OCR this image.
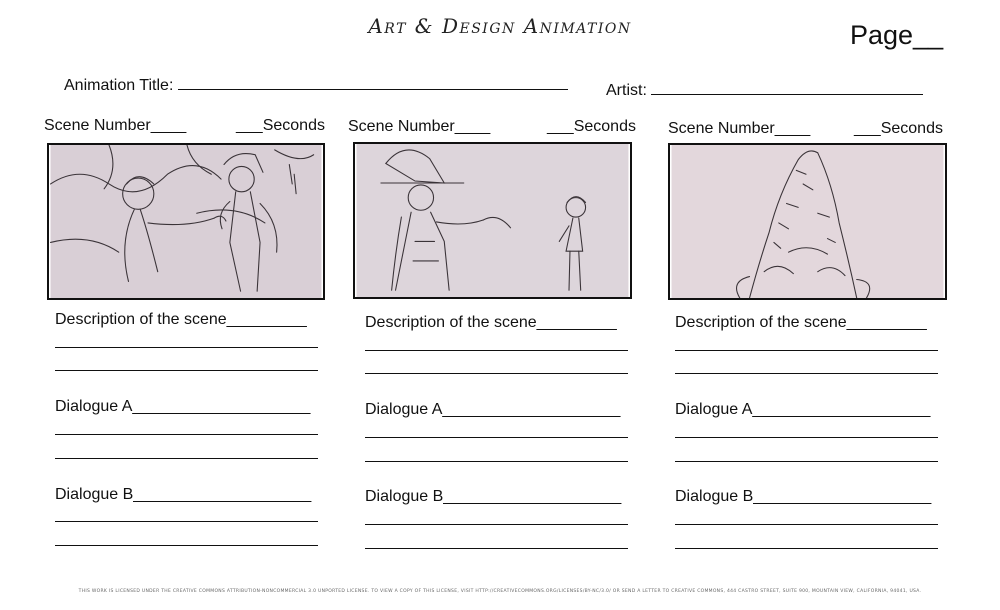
Art & Design Animation	Page__
Animation Title:	Artist:
Scene Number____	___Seconds
Description of the scene_________
Dialogue A____________________
Dialogue B____________________
Scene Number____	___Seconds
Description of the scene_________
Dialogue A____________________
Dialogue B____________________
Scene Number____	___Seconds
Description of the scene_________
Dialogue A____________________
Dialogue B____________________
THIS WORK IS LICENSED UNDER THE CREATIVE COMMONS ATTRIBUTION-NONCOMMERCIAL 3.0 UNPORTED LICENSE. TO VIEW A COPY OF THIS LICENSE, VISIT HTTP://CREATIVECOMMONS.ORG/LICENSES/BY-NC/3.0/ OR SEND A LETTER TO CREATIVE COMMONS, 444 CASTRO STREET, SUITE 900, MOUNTAIN VIEW, CALIFORNIA, 94041, USA.
